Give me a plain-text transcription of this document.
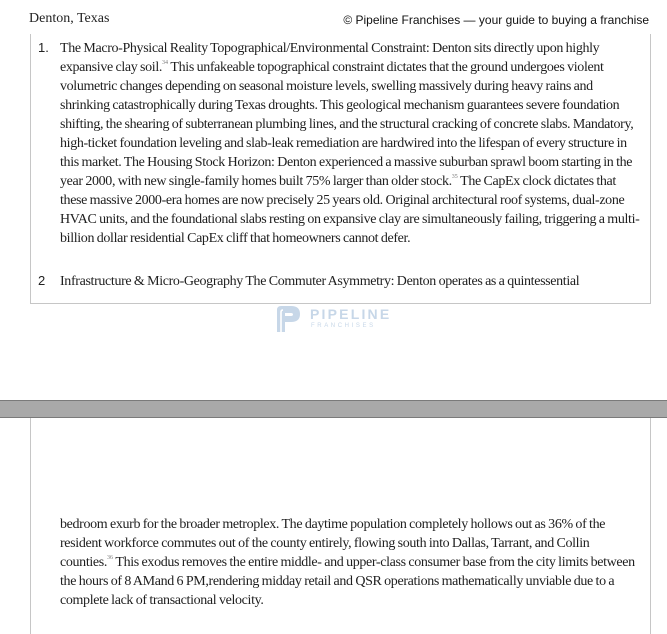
Denton, Texas	© Pipeline Franchises — your guide to buying a franchise
1. The Macro-Physical Reality Topographical/Environmental Constraint: Denton sits directly upon highly expansive clay soil.$^{34}$ This unfakeable topographical constraint dictates that the ground undergoes violent volumetric changes depending on seasonal moisture levels, swelling massively during heavy rains and shrinking catastrophically during Texas droughts. This geological mechanism guarantees severe foundation shifting, the shearing of subterranean plumbing lines, and the structural cracking of concrete slabs. Mandatory, high-ticket foundation leveling and slab-leak remediation are hardwired into the lifespan of every structure in this market. The Housing Stock Horizon: Denton experienced a massive suburban sprawl boom starting in the year 2000, with new single-family homes built 75% larger than older stock.$^{35}$ The CapEx clock dictates that these massive 2000-era homes are now precisely 25 years old. Original architectural roof systems, dual-zone HVAC units, and the foundational slabs resting on expansive clay are simultaneously failing, triggering a multi-billion dollar residential CapEx cliff that homeowners cannot defer.
2 Infrastructure & Micro-Geography The Commuter Asymmetry: Denton operates as a quintessential
PIPELINE
FRANCHISES
bedroom exurb for the broader metroplex. The daytime population completely hollows out as 36% of the resident workforce commutes out of the county entirely, flowing south into Dallas, Tarrant, and Collin counties.$^{36}$ This exodus removes the entire middle- and upper-class consumer base from the city limits between the hours of 8 AMand 6 PM,rendering midday retail and QSR operations mathematically unviable due to a complete lack of transactional velocity.
